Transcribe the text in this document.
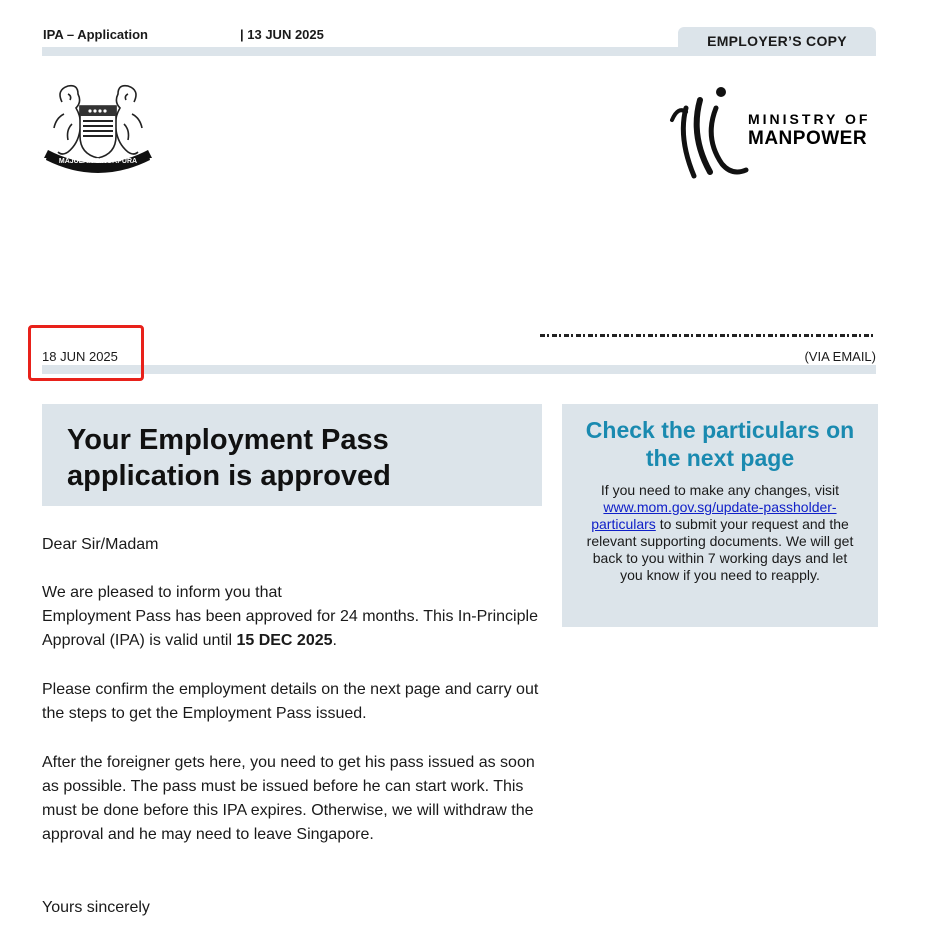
IPA – Application	| 13 JUN 2025	EMPLOYER’S COPY
MAJULAH SINGAPURA
MINISTRY OF
MANPOWER
18 JUN 2025	(VIA EMAIL)
Your Employment Pass
application is approved
Check the particulars on the next page
If you need to make any changes, visit www.mom.gov.sg/update-passholder-particulars to submit your request and the relevant supporting documents. We will get back to you within 7 working days and let you know if you need to reapply.
Dear Sir/Madam
We are pleased to inform you that
Employment Pass has been approved for 24 months. This In-Principle Approval (IPA) is valid until 15 DEC 2025.
Please confirm the employment details on the next page and carry out the steps to get the Employment Pass issued.
After the foreigner gets here, you need to get his pass issued as soon as possible. The pass must be issued before he can start work. This must be done before this IPA expires. Otherwise, we will withdraw the approval and he may need to leave Singapore.
Yours sincerely
